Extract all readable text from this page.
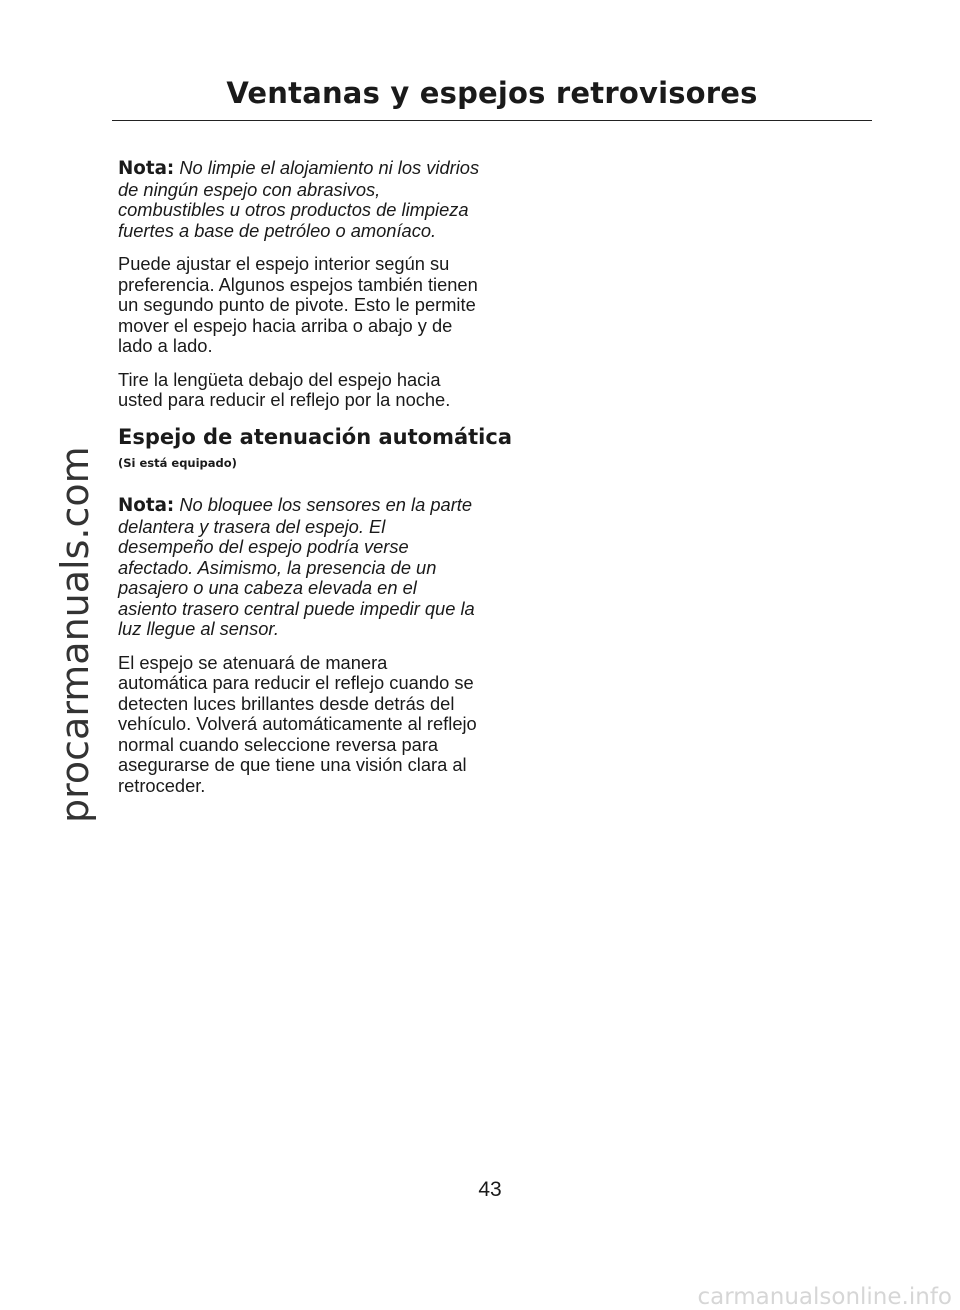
Ventanas y espejos retrovisores

Nota: No limpie el alojamiento ni los vidrios de ningún espejo con abrasivos, combustibles u otros productos de limpieza fuertes a base de petróleo o amoníaco.

Puede ajustar el espejo interior según su preferencia. Algunos espejos también tienen un segundo punto de pivote. Esto le permite mover el espejo hacia arriba o abajo y de lado a lado.

Tire la lengüeta debajo del espejo hacia usted para reducir el reflejo por la noche.

Espejo de atenuación automática
(Si está equipado)

Nota: No bloquee los sensores en la parte delantera y trasera del espejo. El desempeño del espejo podría verse afectado. Asimismo, la presencia de un pasajero o una cabeza elevada en el asiento trasero central puede impedir que la luz llegue al sensor.

El espejo se atenuará de manera automática para reducir el reflejo cuando se detecten luces brillantes desde detrás del vehículo. Volverá automáticamente al reflejo normal cuando seleccione reversa para asegurarse de que tiene una visión clara al retroceder.

43
procarmanuals.com
carmanualsonline.info
